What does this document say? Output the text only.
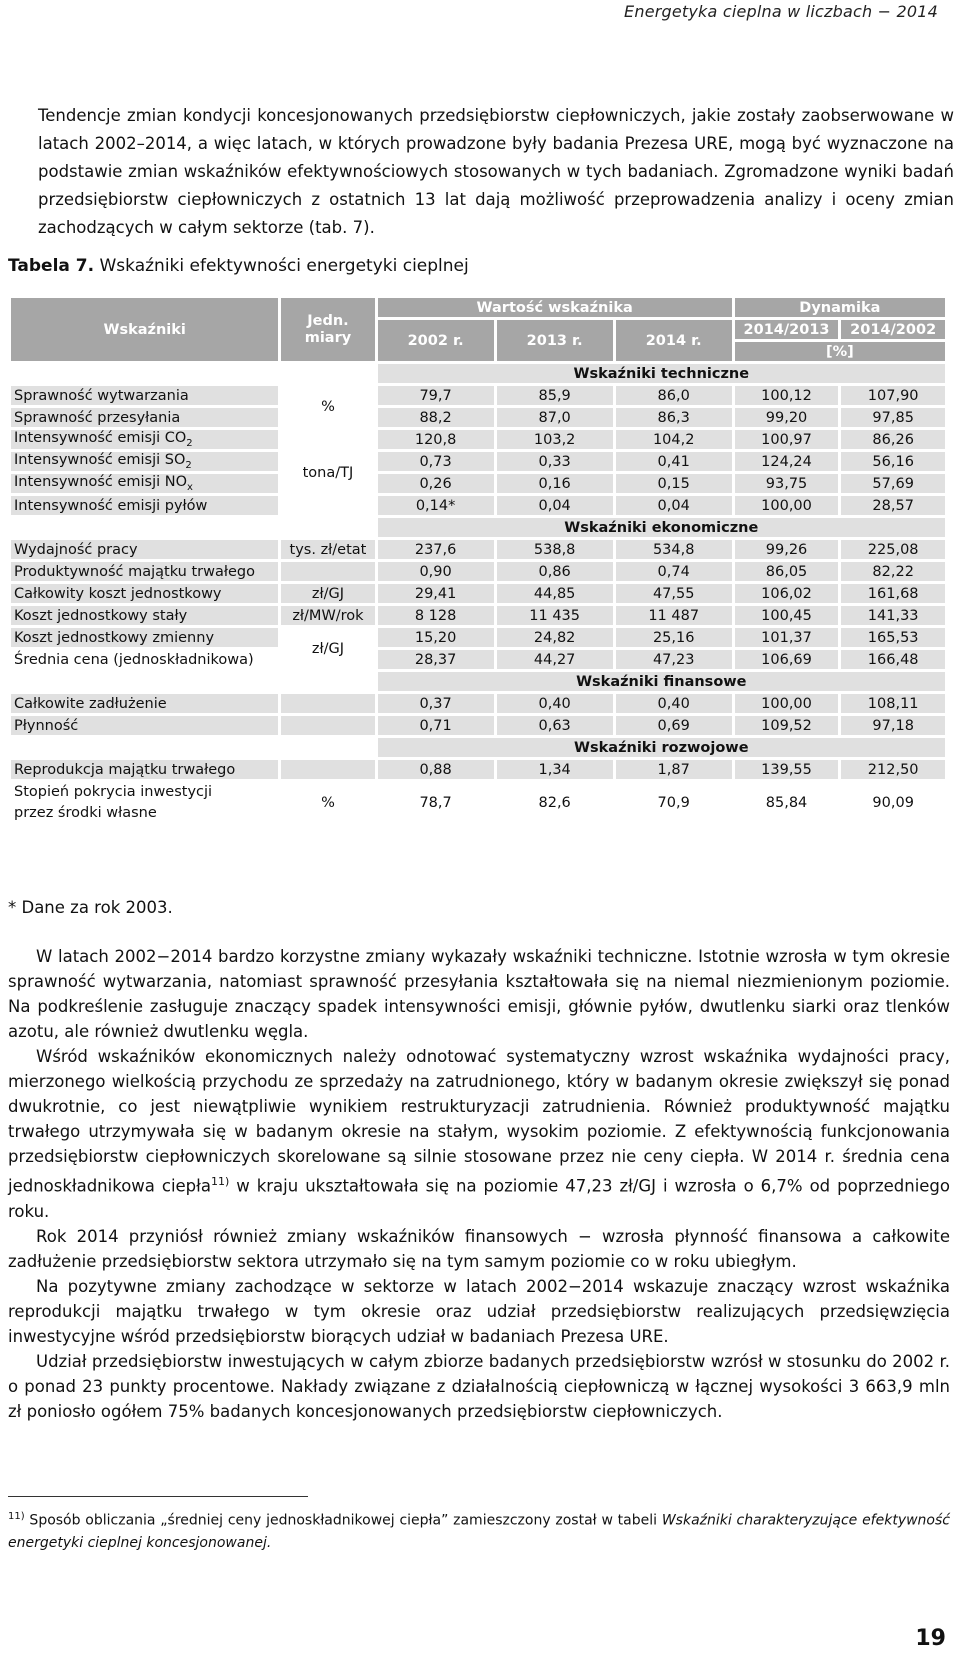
Energetyka cieplna w liczbach − 2014

Tendencje zmian kondycji koncesjonowanych przedsiębiorstw ciepłowniczych, jakie zostały zaobserwowane w latach 2002–2014, a więc latach, w których prowadzone były badania Prezesa URE, mogą być wyznaczone na podstawie zmian wskaźników efektywnościowych stosowanych w tych badaniach. Zgromadzone wyniki badań przedsiębiorstw ciepłowniczych z ostatnich 13 lat dają możliwość przeprowadzenia analizy i oceny zmian zachodzących w całym sektorze (tab. 7).

Tabela 7. Wskaźniki efektywności energetyki cieplnej

Wskaźniki	Jedn. miary	Wartość wskaźnika			Dynamika	
		2002 r.	2013 r.	2014 r.	2014/2013	2014/2002
					[%]	
		Wskaźniki techniczne				
Sprawność wytwarzania	%	79,7	85,9	86,0	100,12	107,90
Sprawność przesyłania		88,2	87,0	86,3	99,20	97,85
Intensywność emisji $CO_2$	tona/TJ	120,8	103,2	104,2	100,97	86,26
Intensywność emisji $SO_2$		0,73	0,33	0,41	124,24	56,16
Intensywność emisji $NO_x$		0,26	0,16	0,15	93,75	57,69
Intensywność emisji pyłów		0,14*	0,04	0,04	100,00	28,57
		Wskaźniki ekonomiczne				
Wydajność pracy	tys. zł/etat	237,6	538,8	534,8	99,26	225,08
Produktywność majątku trwałego		0,90	0,86	0,74	86,05	82,22
Całkowity koszt jednostkowy	zł/GJ	29,41	44,85	47,55	106,02	161,68
Koszt jednostkowy stały	zł/MW/rok	8 128	11 435	11 487	100,45	141,33
Koszt jednostkowy zmienny	zł/GJ	15,20	24,82	25,16	101,37	165,53
Średnia cena (jednoskładnikowa)		28,37	44,27	47,23	106,69	166,48
		Wskaźniki finansowe				
Całkowite zadłużenie		0,37	0,40	0,40	100,00	108,11
Płynność		0,71	0,63	0,69	109,52	97,18
		Wskaźniki rozwojowe				
Reprodukcja majątku trwałego		0,88	1,34	1,87	139,55	212,50
Stopień pokrycia inwestycji
przez środki własne	%	78,7	82,6	70,9	85,84	90,09

* Dane za rok 2003.

W latach 2002−2014 bardzo korzystne zmiany wykazały wskaźniki techniczne. Istotnie wzrosła w tym okresie sprawność wytwarzania, natomiast sprawność przesyłania kształtowała się na niemal niezmienionym poziomie. Na podkreślenie zasługuje znaczący spadek intensywności emisji, głównie pyłów, dwutlenku siarki oraz tlenków azotu, ale również dwutlenku węgla.

Wśród wskaźników ekonomicznych należy odnotować systematyczny wzrost wskaźnika wydajności pracy, mierzonego wielkością przychodu ze sprzedaży na zatrudnionego, który w badanym okresie zwiększył się ponad dwukrotnie, co jest niewątpliwie wynikiem restrukturyzacji zatrudnienia. Również produktywność majątku trwałego utrzymywała się w badanym okresie na stałym, wysokim poziomie. Z efektywnością funkcjonowania przedsiębiorstw ciepłowniczych skorelowane są silnie stosowane przez nie ceny ciepła. W 2014 r. średnia cena jednoskładnikowa ciepła$^{11)}$ w kraju ukształtowała się na poziomie 47,23 zł/GJ i wzrosła o 6,7% od poprzedniego roku.

Rok 2014 przyniósł również zmiany wskaźników finansowych − wzrosła płynność finansowa a całkowite zadłużenie przedsiębiorstw sektora utrzymało się na tym samym poziomie co w roku ubiegłym.

Na pozytywne zmiany zachodzące w sektorze w latach 2002−2014 wskazuje znaczący wzrost wskaźnika reprodukcji majątku trwałego w tym okresie oraz udział przedsiębiorstw realizujących przedsięwzięcia inwestycyjne wśród przedsiębiorstw biorących udział w badaniach Prezesa URE.

Udział przedsiębiorstw inwestujących w całym zbiorze badanych przedsiębiorstw wzrósł w stosunku do 2002 r. o ponad 23 punkty procentowe. Nakłady związane z działalnością ciepłowniczą w łącznej wysokości 3 663,9 mln zł poniosło ogółem 75% badanych koncesjonowanych przedsiębiorstw ciepłowniczych.

$^{11)}$ Sposób obliczania „średniej ceny jednoskładnikowej ciepła” zamieszczony został w tabeli Wskaźniki charakteryzujące efektywność energetyki cieplnej koncesjonowanej.

19
